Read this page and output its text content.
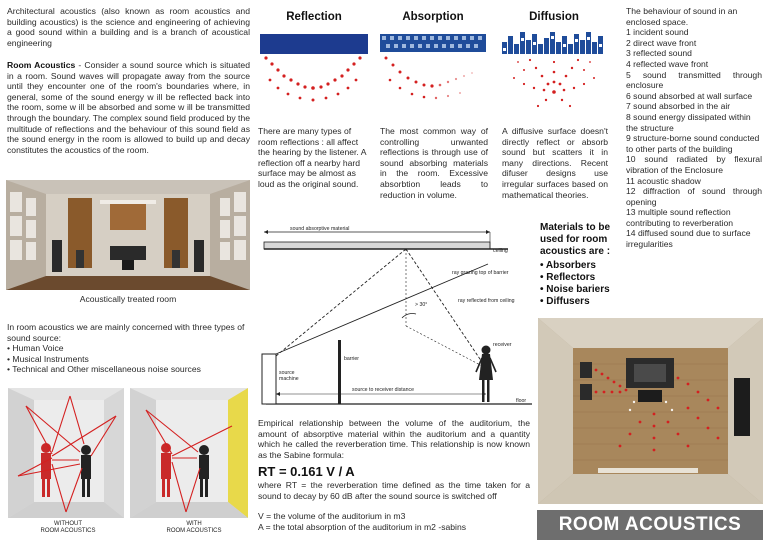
Architectural acoustics (also known as room acoustics and building acoustics) is the science and engineering of achieving a good sound within a building and is a branch of acoustical engineering
Room Acoustics - Consider a sound source which is situated in a room. Sound waves will propagate away from the source until they encounter one of the room's boundaries where, in general, some of the sound energy w ill be reflected back into the room, some w ill be absorbed and some w ill be transmitted through the boundary. The complex sound field produced by the multitude of reflections and the behaviour of this sound field as the sound energy in the room is allowed to build up and decay constitutes the acoustics of the room.
Acoustically treated room
In room acoustics we are mainly concerned with three types of sound source:
• Human Voice
• Musical Instruments
• Technical and Other miscellaneous noise sources
WITHOUT
ROOM ACOUSTICS
WITH
ROOM ACOUSTICS
Reflection	Absorption	Diffusion
There are many types of room reflections : all affect the hearing by the listener. A reflection off a nearby hard surface may be almost as loud as the original sound.
The most common way of controlling unwanted reflections is through use of sound absorbing materials in the room. Excessive absorbtion leads to reduction in volume.
A diffusive surface doesn't directly reflect or absorb sound but scatters it in many directions. Recent difuser designs use irregular surfaces based on mathematical theories.
sound absorptive material
ceiling
ray grazing top of barrier
> 30°
ray reflected from ceiling
receiver
barrier
source
machine
source to receiver distance
floor
Materials to be used for room acoustics are :
• Absorbers
• Reflectors
• Noise bariers
• Diffusers
Empirical relationship between the volume of the auditorium, the amount of absorptive material within the auditorium and a quantity which he called the reverberation time. This relationship is now known as the Sabine formula:
RT = 0.161 V / A
where RT = the reverberation time defined as the time taken for a sound to decay by 60 dB after the sound source is switched off
V = the volume of the auditorium in m3
A = the total absorption of the auditorium in m2 -sabins
The behaviour of sound in an enclosed space.
1 incident sound
2 direct wave front
3 reflected sound
4 reflected wave front
5 sound transmitted through enclosure
6 sound absorbed at wall surface
7 sound absorbed in the air
8 sound energy dissipated within the structure
9 structure-borne sound conducted to other parts of the building
10 sound radiated by flexural vibration of the Enclosure
11 acoustic shadow
12 diffraction of sound through opening
13 multiple sound reflection contributing to reverberation
14 diffused sound due to surface irregularities
ROOM ACOUSTICS
